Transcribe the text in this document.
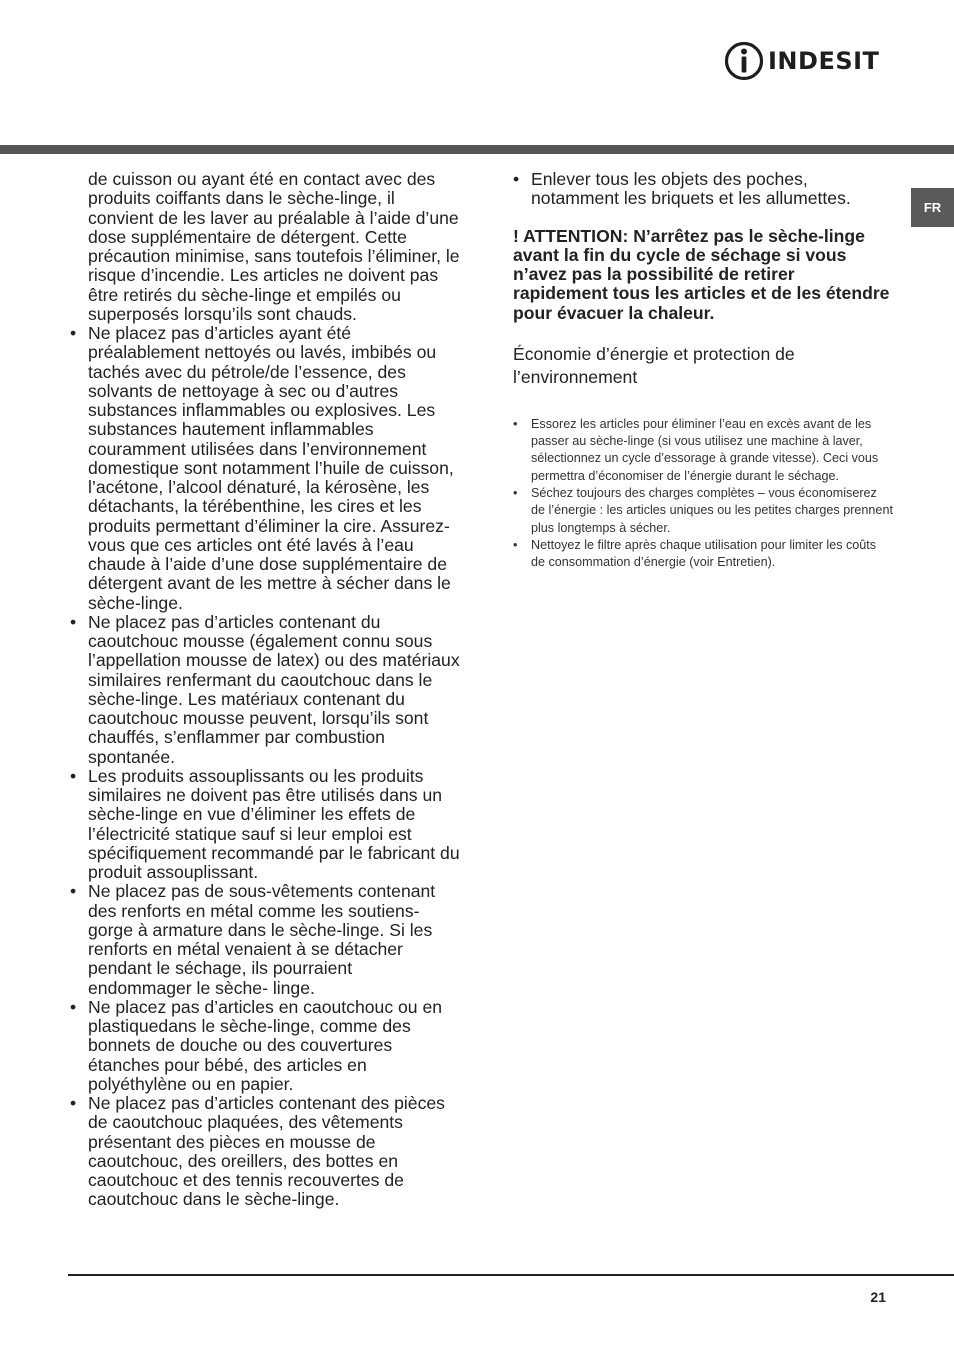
INDESIT
FR

de cuisson ou ayant été en contact avec des produits coiffants dans le sèche-linge, il convient de les laver au préalable à l’aide d’une dose supplémentaire de détergent. Cette précaution minimise, sans toutefois l’éliminer, le risque d’incendie. Les articles ne doivent pas être retirés du sèche-linge et empilés ou superposés lorsqu’ils sont chauds.

• Ne placez pas d’articles ayant été préalablement nettoyés ou lavés, imbibés ou tachés avec du pétrole/de l’essence, des solvants de nettoyage à sec ou d’autres substances inflammables ou explosives. Les substances hautement inflammables couramment utilisées dans l’environnement domestique sont notamment l’huile de cuisson, l’acétone, l’alcool dénaturé, la kérosène, les détachants, la térébenthine, les cires et les produits permettant d’éliminer la cire. Assurez-vous que ces articles ont été lavés à l’eau chaude à l’aide d’une dose supplémentaire de détergent avant de les mettre à sécher dans le sèche-linge.
• Ne placez pas d’articles contenant du caoutchouc mousse (également connu sous l’appellation mousse de latex) ou des matériaux similaires renfermant du caoutchouc dans le sèche-linge. Les matériaux contenant du caoutchouc mousse peuvent, lorsqu’ils sont chauffés, s’enflammer par combustion spontanée.
• Les produits assouplissants ou les produits similaires ne doivent pas être utilisés dans un sèche-linge en vue d’éliminer les effets de l’électricité statique sauf si leur emploi est spécifiquement recommandé par le fabricant du produit assouplissant.
• Ne placez pas de sous-vêtements contenant des renforts en métal comme les soutiens-gorge à armature dans le sèche-linge. Si les renforts en métal venaient à se détacher pendant le séchage, ils pourraient endommager le sèche- linge.
• Ne placez pas d’articles en caoutchouc ou en plastiquedans le sèche-linge, comme des bonnets de douche ou des couvertures étanches pour bébé, des articles en polyéthylène ou en papier.
• Ne placez pas d’articles contenant des pièces de caoutchouc plaquées, des vêtements présentant des pièces en mousse de caoutchouc, des oreillers, des bottes en caoutchouc et des tennis recouvertes de caoutchouc dans le sèche-linge.
• Enlever tous les objets des poches, notamment les briquets et les allumettes.
! ATTENTION: N’arrêtez pas le sèche-linge avant la fin du cycle de séchage si vous n’avez pas la possibilité de retirer rapidement tous les articles et de les étendre pour évacuer la chaleur.
Économie d’énergie et protection de l’environnement
• Essorez les articles pour éliminer l’eau en excès avant de les passer au sèche-linge (si vous utilisez une machine à laver, sélectionnez un cycle d’essorage à grande vitesse). Ceci vous permettra d’économiser de l’énergie durant le séchage.
• Séchez toujours des charges complètes – vous économiserez de l’énergie : les articles uniques ou les petites charges prennent plus longtemps à sécher.
• Nettoyez le filtre après chaque utilisation pour limiter les coûts de consommation d’énergie (voir Entretien).
21
